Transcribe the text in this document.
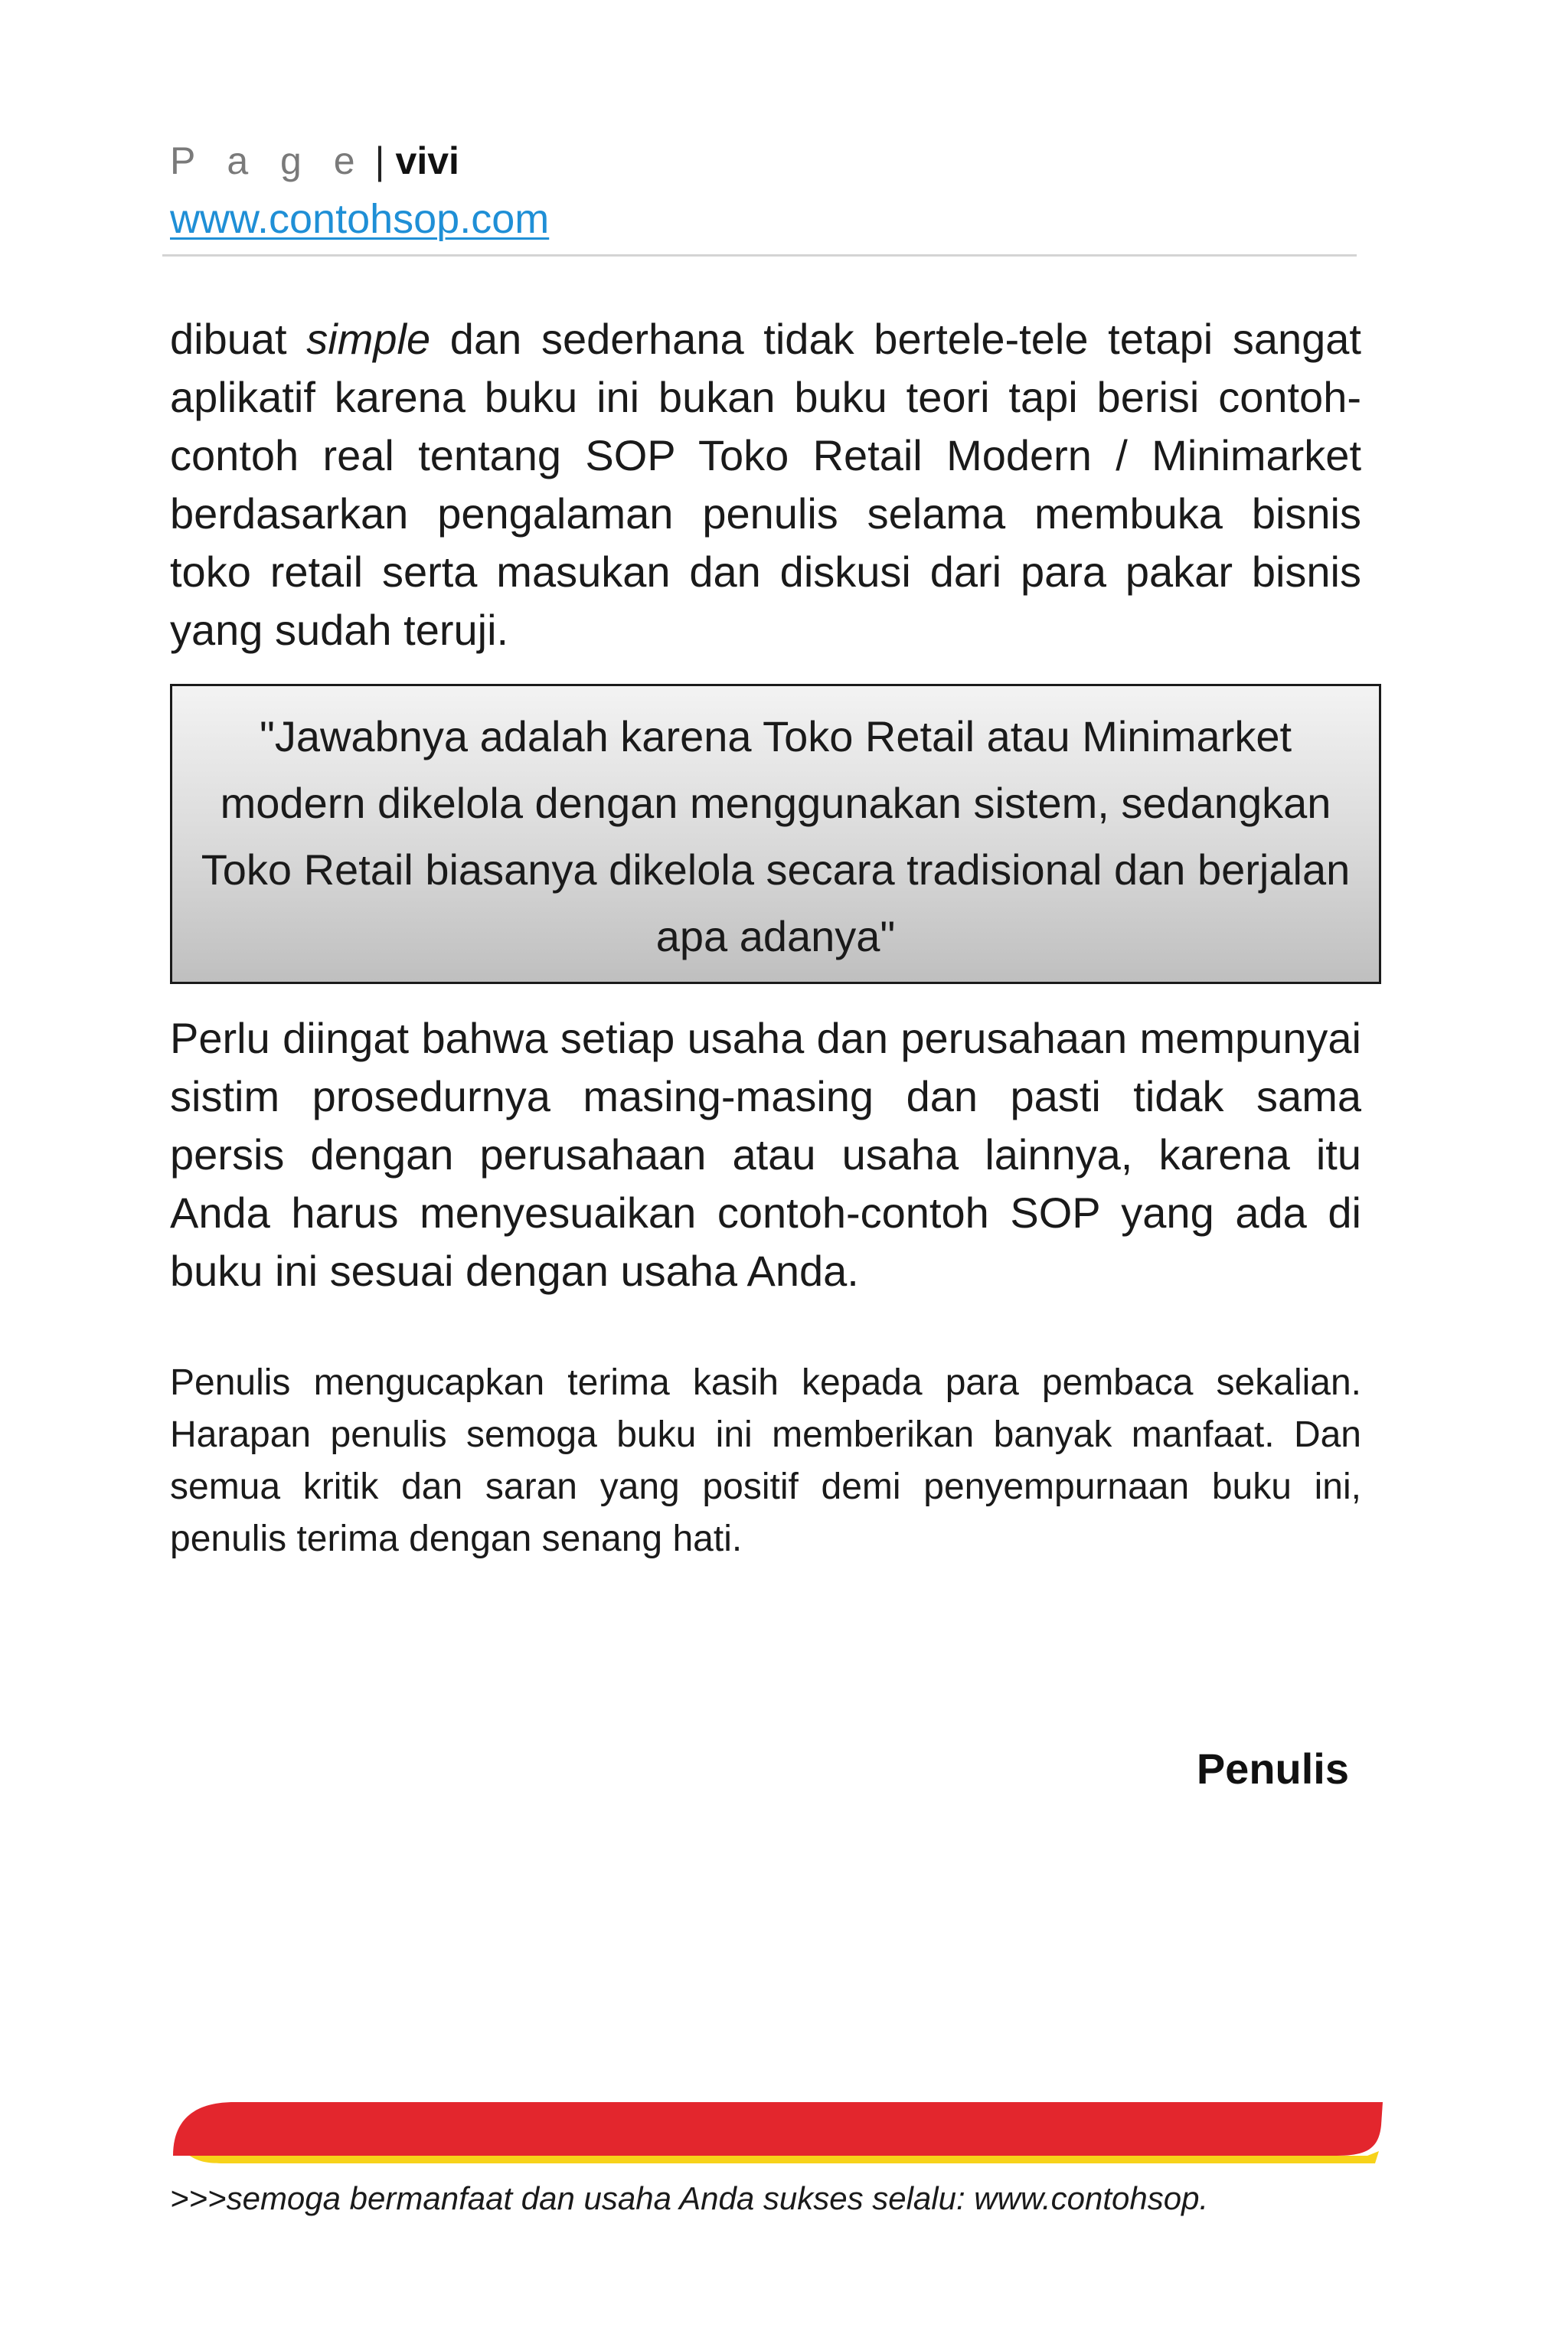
P a g e | vivi
www.contohsop.com

dibuat simple dan sederhana tidak bertele-tele tetapi sangat aplikatif karena buku ini bukan buku teori tapi berisi contoh-contoh real tentang SOP Toko Retail Modern / Minimarket berdasarkan pengalaman penulis selama membuka bisnis toko retail serta masukan dan diskusi dari para pakar bisnis yang sudah teruji.

"Jawabnya adalah karena Toko Retail atau Minimarket modern dikelola dengan menggunakan sistem, sedangkan Toko Retail biasanya dikelola secara tradisional dan berjalan apa adanya"

Perlu diingat bahwa setiap usaha dan perusahaan mempunyai sistim prosedurnya masing-masing dan pasti tidak sama persis dengan perusahaan atau usaha lainnya, karena itu Anda harus menyesuaikan contoh-contoh SOP yang ada di buku ini sesuai dengan usaha Anda.

Penulis mengucapkan terima kasih kepada para pembaca sekalian. Harapan penulis semoga buku ini memberikan banyak manfaat. Dan semua kritik dan saran yang positif demi penyempurnaan buku ini, penulis terima dengan senang hati.

Penulis
>>>semoga bermanfaat dan usaha Anda sukses selalu: www.contohsop.
